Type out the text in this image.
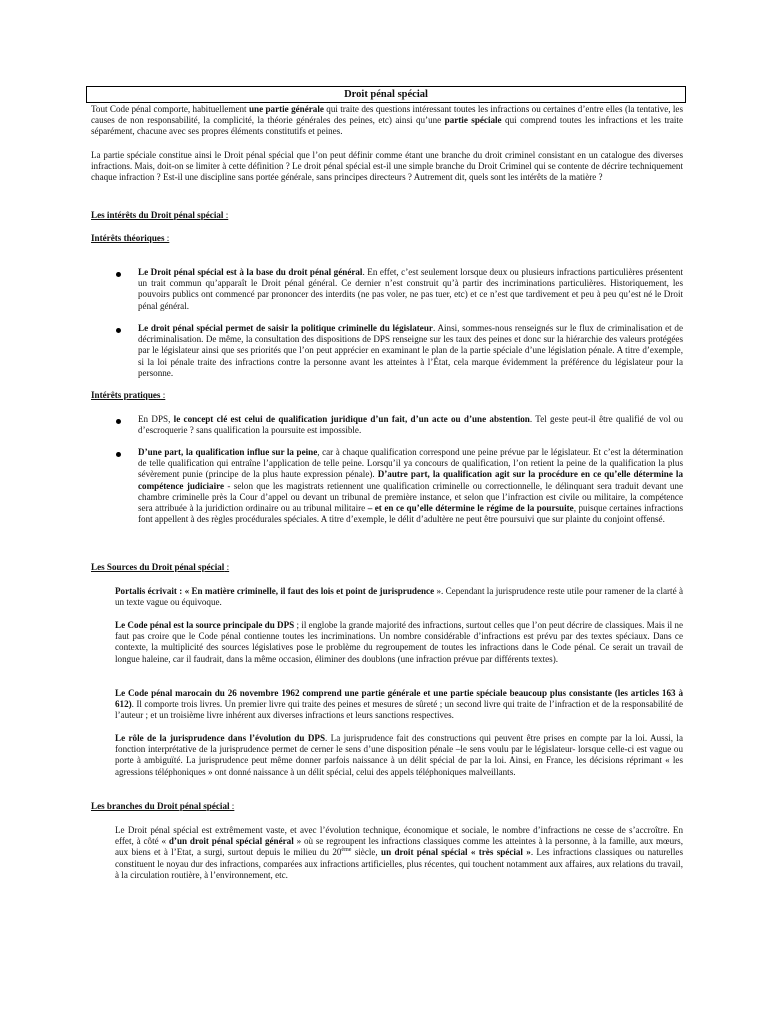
Droit pénal spécial

Tout Code pénal comporte, habituellement une partie générale qui traite des questions intéressant toutes les infractions ou certaines d’entre elles (la tentative, les causes de non responsabilité, la complicité, la théorie générales des peines, etc) ainsi qu’une partie spéciale qui comprend toutes les infractions et les traite séparément, chacune avec ses propres éléments constitutifs et peines.

La partie spéciale constitue ainsi le Droit pénal spécial que l’on peut définir comme étant une branche du droit criminel consistant en un catalogue des diverses infractions. Mais, doit-on se limiter à cette définition ? Le droit pénal spécial est-il une simple branche du Droit Criminel qui se contente de décrire techniquement chaque infraction ? Est-il une discipline sans portée générale, sans principes directeurs ? Autrement dit, quels sont les intérêts de la matière ?

Les intérêts du Droit pénal spécial :
Intérêts théoriques :

Le Droit pénal spécial est à la base du droit pénal général. En effet, c’est seulement lorsque deux ou plusieurs infractions particulières présentent un trait commun qu’apparaît le Droit pénal général. Ce dernier n’est construit qu’à partir des incriminations particulières. Historiquement, les pouvoirs publics ont commencé par prononcer des interdits (ne pas voler, ne pas tuer, etc) et ce n’est que tardivement et peu à peu qu’est né le Droit pénal général.

Le droit pénal spécial permet de saisir la politique criminelle du législateur. Ainsi, sommes-nous renseignés sur le flux de criminalisation et de décriminalisation. De même, la consultation des dispositions de DPS renseigne sur les taux des peines et donc sur la hiérarchie des valeurs protégées par le législateur ainsi que ses priorités que l’on peut apprécier en examinant le plan de la partie spéciale d’une législation pénale. A titre d’exemple, si la loi pénale traite des infractions contre la personne avant les atteintes à l’État, cela marque évidemment la préférence du législateur pour la personne.

Intérêts pratiques :

En DPS, le concept clé est celui de qualification juridique d’un fait, d’un acte ou d’une abstention. Tel geste peut-il être qualifié de vol ou d’escroquerie ? sans qualification la poursuite est impossible.

D’une part, la qualification influe sur la peine, car à chaque qualification correspond une peine prévue par le législateur. Et c’est la détermination de telle qualification qui entraîne l’application de telle peine. Lorsqu’il ya concours de qualification, l’on retient la peine de la qualification la plus sévèrement punie (principe de la plus haute expression pénale). D’autre part, la qualification agit sur la procédure en ce qu’elle détermine la compétence judiciaire - selon que les magistrats retiennent une qualification criminelle ou correctionnelle, le délinquant sera traduit devant une chambre criminelle près la Cour d’appel ou devant un tribunal de première instance, et selon que l’infraction est civile ou militaire, la compétence sera attribuée à la juridiction ordinaire ou au tribunal militaire – et en ce qu’elle détermine le régime de la poursuite, puisque certaines infractions font appellent à des règles procédurales spéciales. A titre d’exemple, le délit d’adultère ne peut être poursuivi que sur plainte du conjoint offensé.

Les Sources du Droit pénal spécial :

Portalis écrivait : « En matière criminelle, il faut des lois et point de jurisprudence ». Cependant la jurisprudence reste utile pour ramener de la clarté à un texte vague ou équivoque.

Le Code pénal est la source principale du DPS ; il englobe la grande majorité des infractions, surtout celles que l’on peut décrire de classiques. Mais il ne faut pas croire que le Code pénal contienne toutes les incriminations. Un nombre considérable d’infractions est prévu par des textes spéciaux. Dans ce contexte, la multiplicité des sources législatives pose le problème du regroupement de toutes les infractions dans le Code pénal. Ce serait un travail de longue haleine, car il faudrait, dans la même occasion, éliminer des doublons (une infraction prévue par différents textes).

Le Code pénal marocain du 26 novembre 1962 comprend une partie générale et une partie spéciale beaucoup plus consistante (les articles 163 à 612). Il comporte trois livres. Un premier livre qui traite des peines et mesures de sûreté ; un second livre qui traite de l’infraction et de la responsabilité de l’auteur ; et un troisième livre inhérent aux diverses infractions et leurs sanctions respectives.

Le rôle de la jurisprudence dans l’évolution du DPS. La jurisprudence fait des constructions qui peuvent être prises en compte par la loi. Aussi, la fonction interprétative de la jurisprudence permet de cerner le sens d’une disposition pénale –le sens voulu par le législateur- lorsque celle-ci est vague ou porte à ambiguïté. La jurisprudence peut même donner parfois naissance à un délit spécial de par la loi. Ainsi, en France, les décisions réprimant « les agressions téléphoniques » ont donné naissance à un délit spécial, celui des appels téléphoniques malveillants.

Les branches du Droit pénal spécial :

Le Droit pénal spécial est extrêmement vaste, et avec l’évolution technique, économique et sociale, le nombre d’infractions ne cesse de s’accroître. En effet, à côté « d’un droit pénal spécial général » où se regroupent les infractions classiques comme les atteintes à la personne, à la famille, aux mœurs, aux biens et à l’Etat, a surgi, surtout depuis le milieu du 20ème siècle, un droit pénal spécial « très spécial ». Les infractions classiques ou naturelles constituent le noyau dur des infractions, comparées aux infractions artificielles, plus récentes, qui touchent notamment aux affaires, aux relations du travail, à la circulation routière, à l’environnement, etc.
